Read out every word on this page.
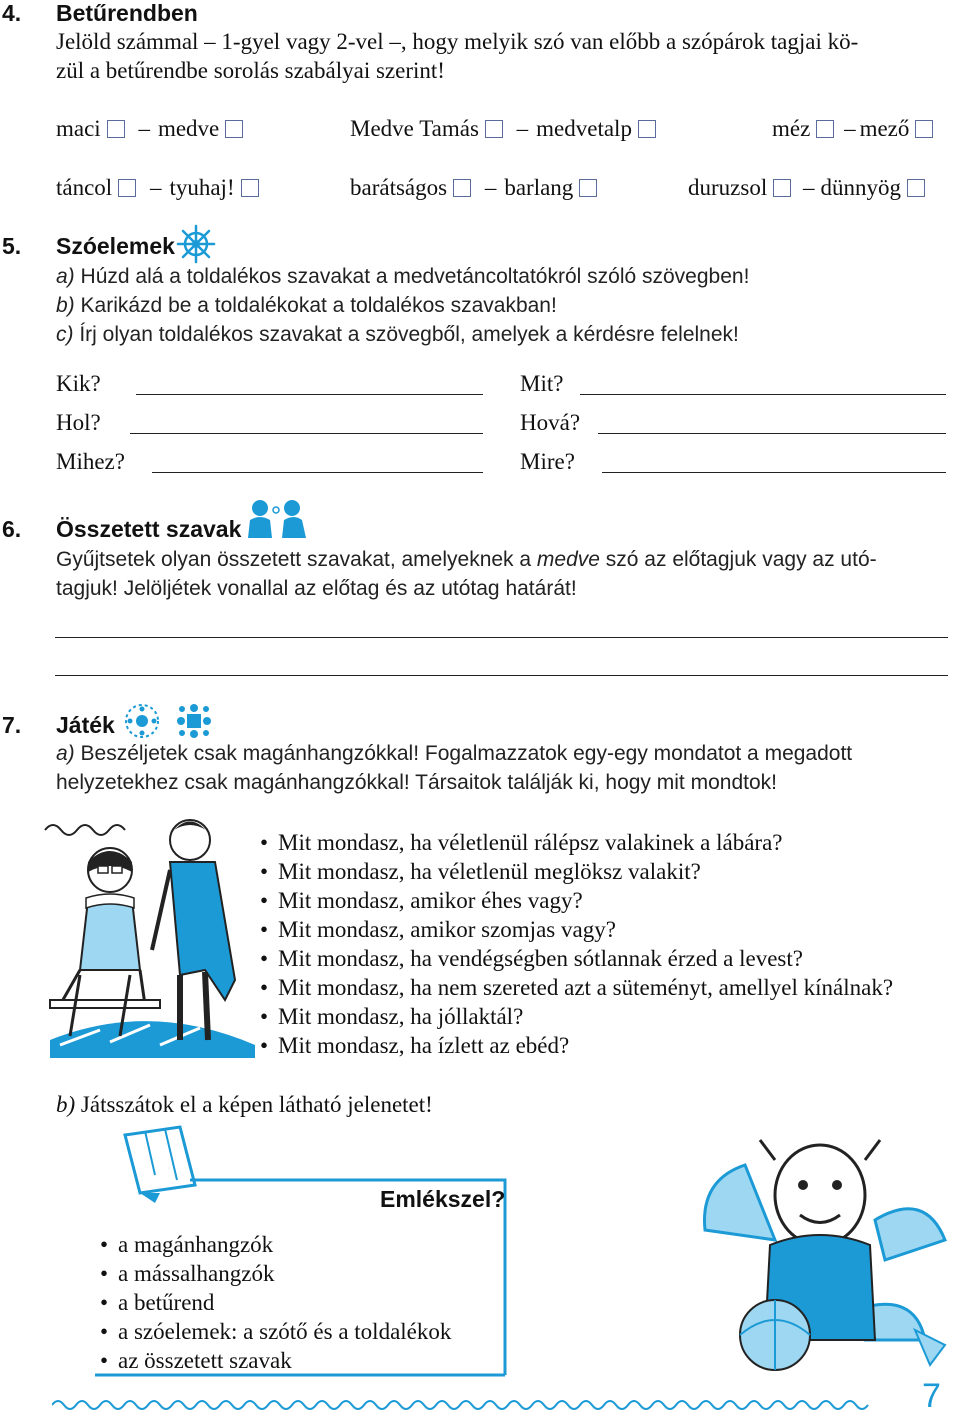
4. Betűrendben
Jelöld számmal – 1-gyel vagy 2-vel –, hogy melyik szó van előbb a szópárok tagjai kö-
zül a betűrendbe sorolás szabályai szerint!
maci – medve	Medve Tamás – medvetalp	méz – mező
táncol – tyuhaj!	barátságos – barlang	duruzsol – dünnyög
5. Szóelemek
a) Húzd alá a toldalékos szavakat a medvetáncoltatókról szóló szövegben!
b) Karikázd be a toldalékokat a toldalékos szavakban!
c) Írj olyan toldalékos szavakat a szövegből, amelyek a kérdésre felelnek!
Kik?	Mit?
Hol?	Hová?
Mihez?	Mire?
6. Összetett szavak
Gyűjtsetek olyan összetett szavakat, amelyeknek a medve szó az előtagjuk vagy az utó-
tagjuk! Jelöljétek vonallal az előtag és az utótag határát!
7. Játék
a) Beszéljetek csak magánhangzókkal! Fogalmazzatok egy-egy mondatot a megadott
helyzetekhez csak magánhangzókkal! Társaitok találják ki, hogy mit mondtok!
• Mit mondasz, ha véletlenül rálépsz valakinek a lábára?
• Mit mondasz, ha véletlenül meglöksz valakit?
• Mit mondasz, amikor éhes vagy?
• Mit mondasz, amikor szomjas vagy?
• Mit mondasz, ha vendégségben sótlannak érzed a levest?
• Mit mondasz, ha nem szereted azt a süteményt, amellyel kínálnak?
• Mit mondasz, ha jóllaktál?
• Mit mondasz, ha ízlett az ebéd?
b) Játsszátok el a képen látható jelenetet!
Emlékszel?
• a magánhangzók
• a mássalhangzók
• a betűrend
• a szóelemek: a szótő és a toldalékok
• az összetett szavak
7
